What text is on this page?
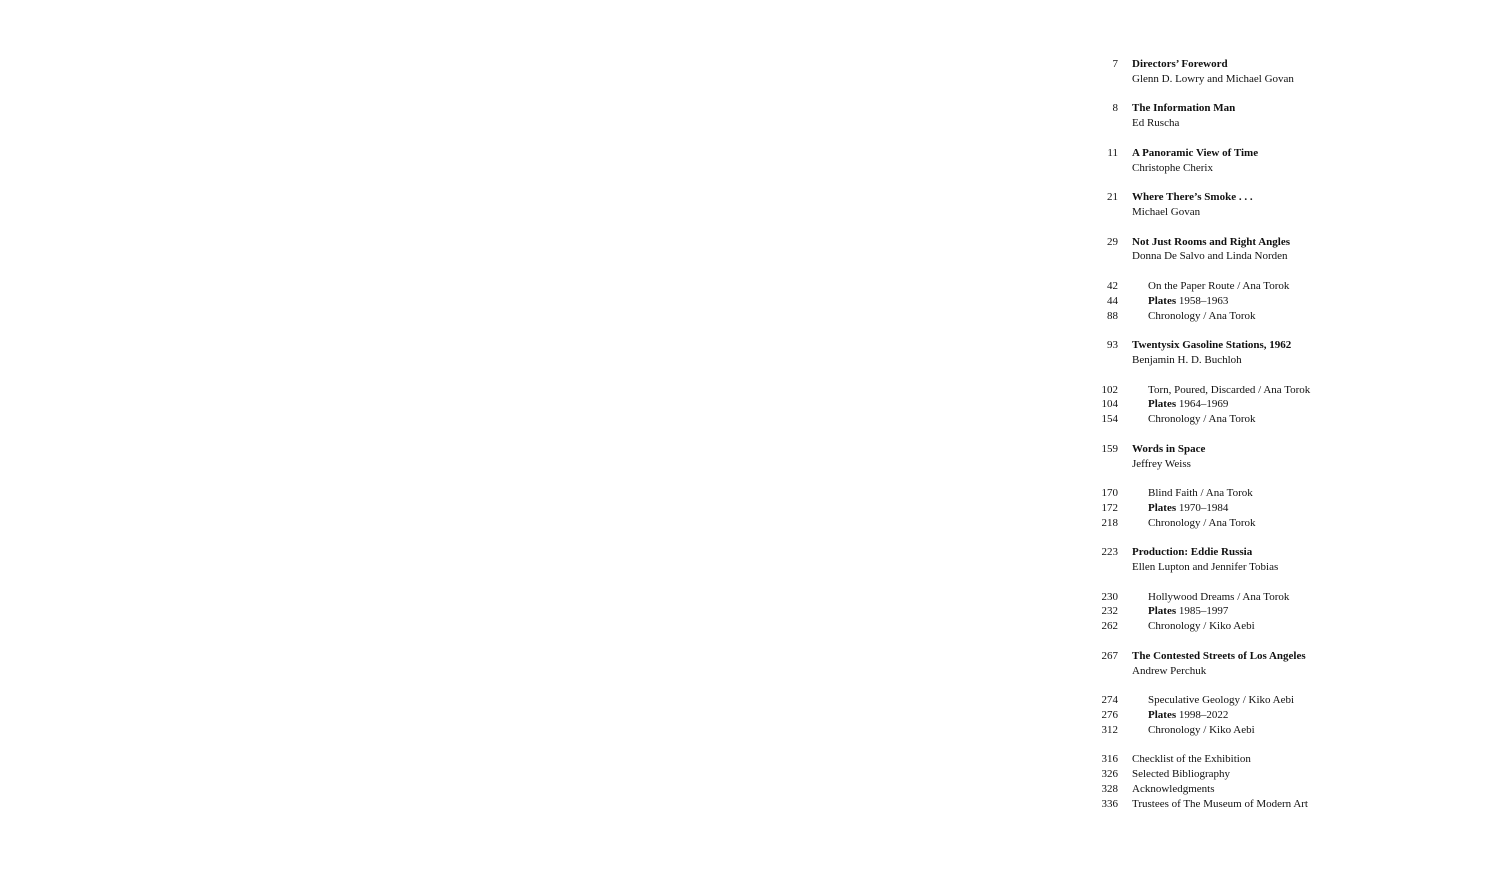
7 Directors’ Foreword
Glenn D. Lowry and Michael Govan
8 The Information Man
Ed Ruscha
11 A Panoramic View of Time
Christophe Cherix
21 Where There’s Smoke . . .
Michael Govan
29 Not Just Rooms and Right Angles
Donna De Salvo and Linda Norden
42	On the Paper Route / Ana Torok
44	Plates 1958–1963
88	Chronology / Ana Torok
93 Twentysix Gasoline Stations, 1962
Benjamin H. D. Buchloh
102	Torn, Poured, Discarded / Ana Torok
104	Plates 1964–1969
154	Chronology / Ana Torok
159 Words in Space
Jeffrey Weiss
170	Blind Faith / Ana Torok
172	Plates 1970–1984
218	Chronology / Ana Torok
223 Production: Eddie Russia
Ellen Lupton and Jennifer Tobias
230	Hollywood Dreams / Ana Torok
232	Plates 1985–1997
262	Chronology / Kiko Aebi
267 The Contested Streets of Los Angeles
Andrew Perchuk
274	Speculative Geology / Kiko Aebi
276	Plates 1998–2022
312	Chronology / Kiko Aebi
316 Checklist of the Exhibition
326 Selected Bibliography
328 Acknowledgments
336 Trustees of The Museum of Modern Art
